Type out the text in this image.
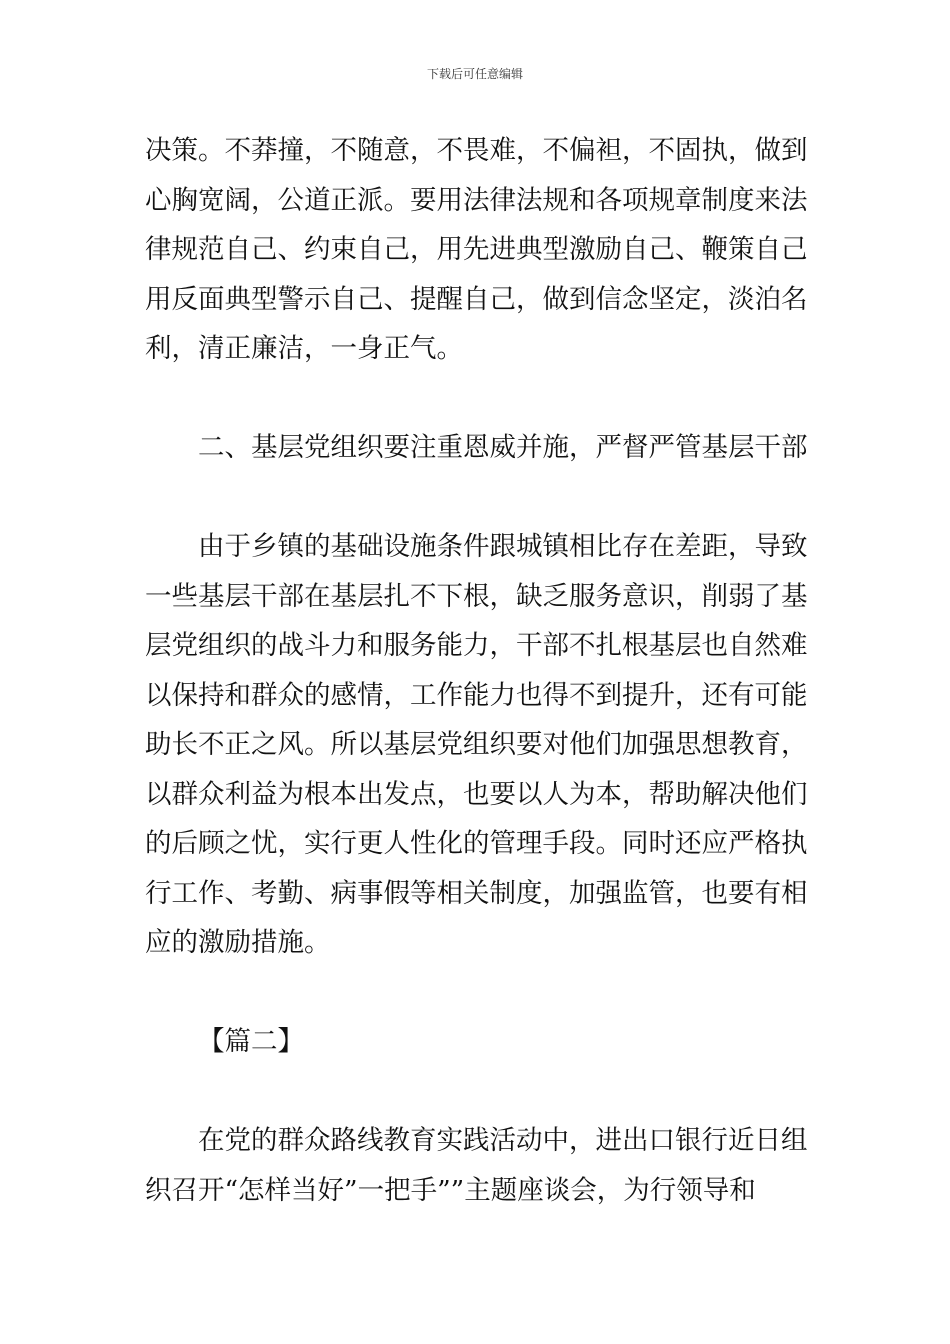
下载后可任意编辑
决策。不莽撞，不随意，不畏难，不偏袒，不固执，做到
心胸宽阔，公道正派。要用法律法规和各项规章制度来法
律规范自己、约束自己，用先进典型激励自己、鞭策自己
用反面典型警示自己、提醒自己，做到信念坚定，淡泊名
利，清正廉洁，一身正气。
二、基层党组织要注重恩威并施，严督严管基层干部
由于乡镇的基础设施条件跟城镇相比存在差距，导致
一些基层干部在基层扎不下根，缺乏服务意识，削弱了基
层党组织的战斗力和服务能力，干部不扎根基层也自然难
以保持和群众的感情，工作能力也得不到提升，还有可能
助长不正之风。所以基层党组织要对他们加强思想教育，
以群众利益为根本出发点，也要以人为本，帮助解决他们
的后顾之忧，实行更人性化的管理手段。同时还应严格执
行工作、考勤、病事假等相关制度，加强监管，也要有相
应的激励措施。
【篇二】
在党的群众路线教育实践活动中，进出口银行近日组
织召开“怎样当好”一把手””主题座谈会，为行领导和
